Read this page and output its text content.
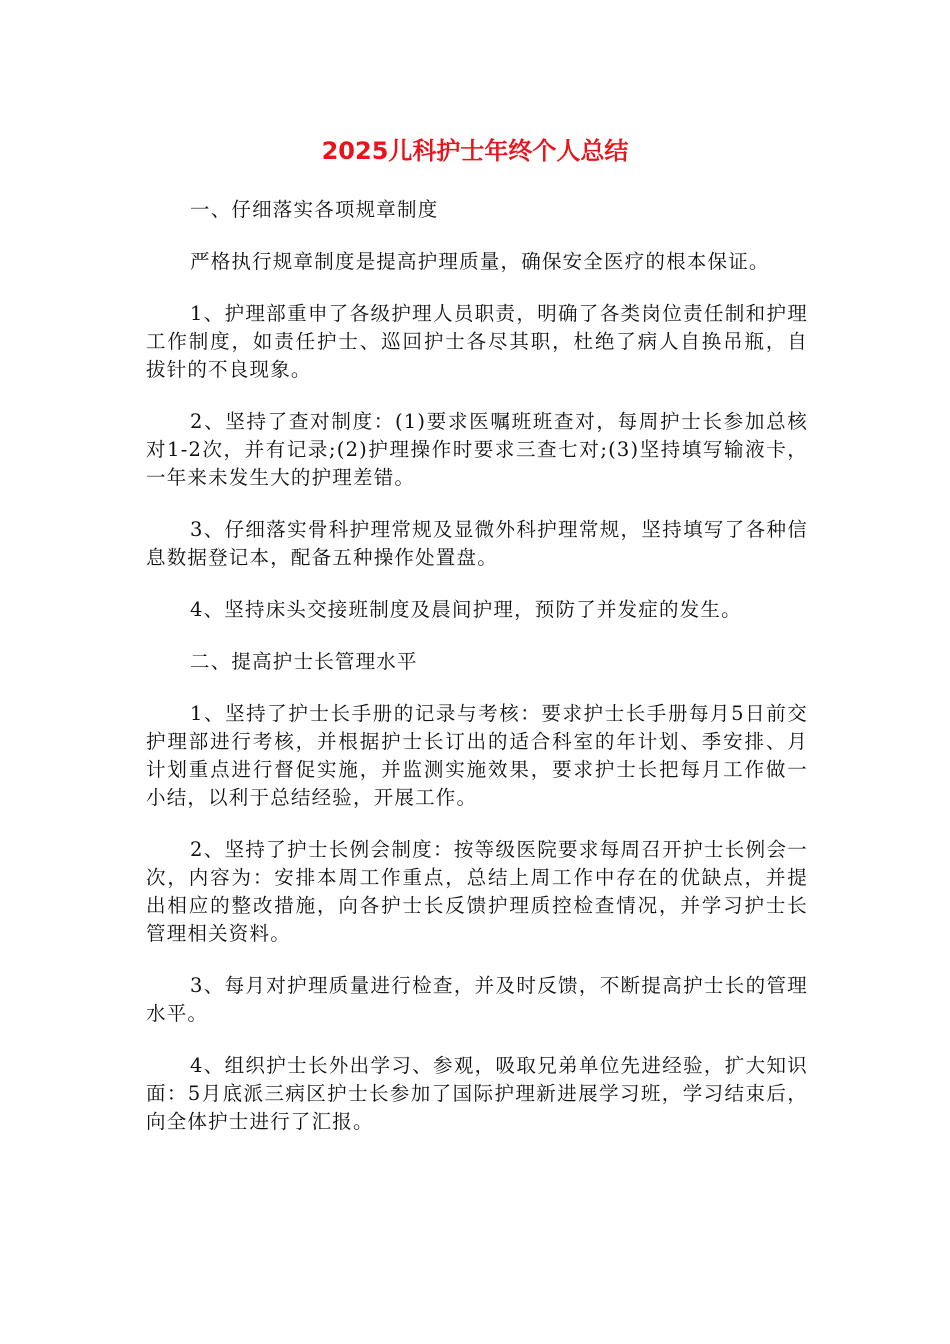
2025儿科护士年终个人总结

一、仔细落实各项规章制度

严格执行规章制度是提高护理质量，确保安全医疗的根本保证。

1、护理部重申了各级护理人员职责，明确了各类岗位责任制和护理工作制度，如责任护士、巡回护士各尽其职，杜绝了病人自换吊瓶，自拔针的不良现象。

2、坚持了查对制度：(1)要求医嘱班班查对，每周护士长参加总核对1-2次，并有记录;(2)护理操作时要求三查七对;(3)坚持填写输液卡，一年来未发生大的护理差错。

3、仔细落实骨科护理常规及显微外科护理常规，坚持填写了各种信息数据登记本，配备五种操作处置盘。

4、坚持床头交接班制度及晨间护理，预防了并发症的发生。

二、提高护士长管理水平

1、坚持了护士长手册的记录与考核：要求护士长手册每月5日前交护理部进行考核，并根据护士长订出的适合科室的年计划、季安排、月计划重点进行督促实施，并监测实施效果，要求护士长把每月工作做一小结，以利于总结经验，开展工作。

2、坚持了护士长例会制度：按等级医院要求每周召开护士长例会一次，内容为：安排本周工作重点，总结上周工作中存在的优缺点，并提出相应的整改措施，向各护士长反馈护理质控检查情况，并学习护士长管理相关资料。

3、每月对护理质量进行检查，并及时反馈，不断提高护士长的管理水平。

4、组织护士长外出学习、参观，吸取兄弟单位先进经验，扩大知识面：5月底派三病区护士长参加了国际护理新进展学习班，学习结束后，向全体护士进行了汇报。
